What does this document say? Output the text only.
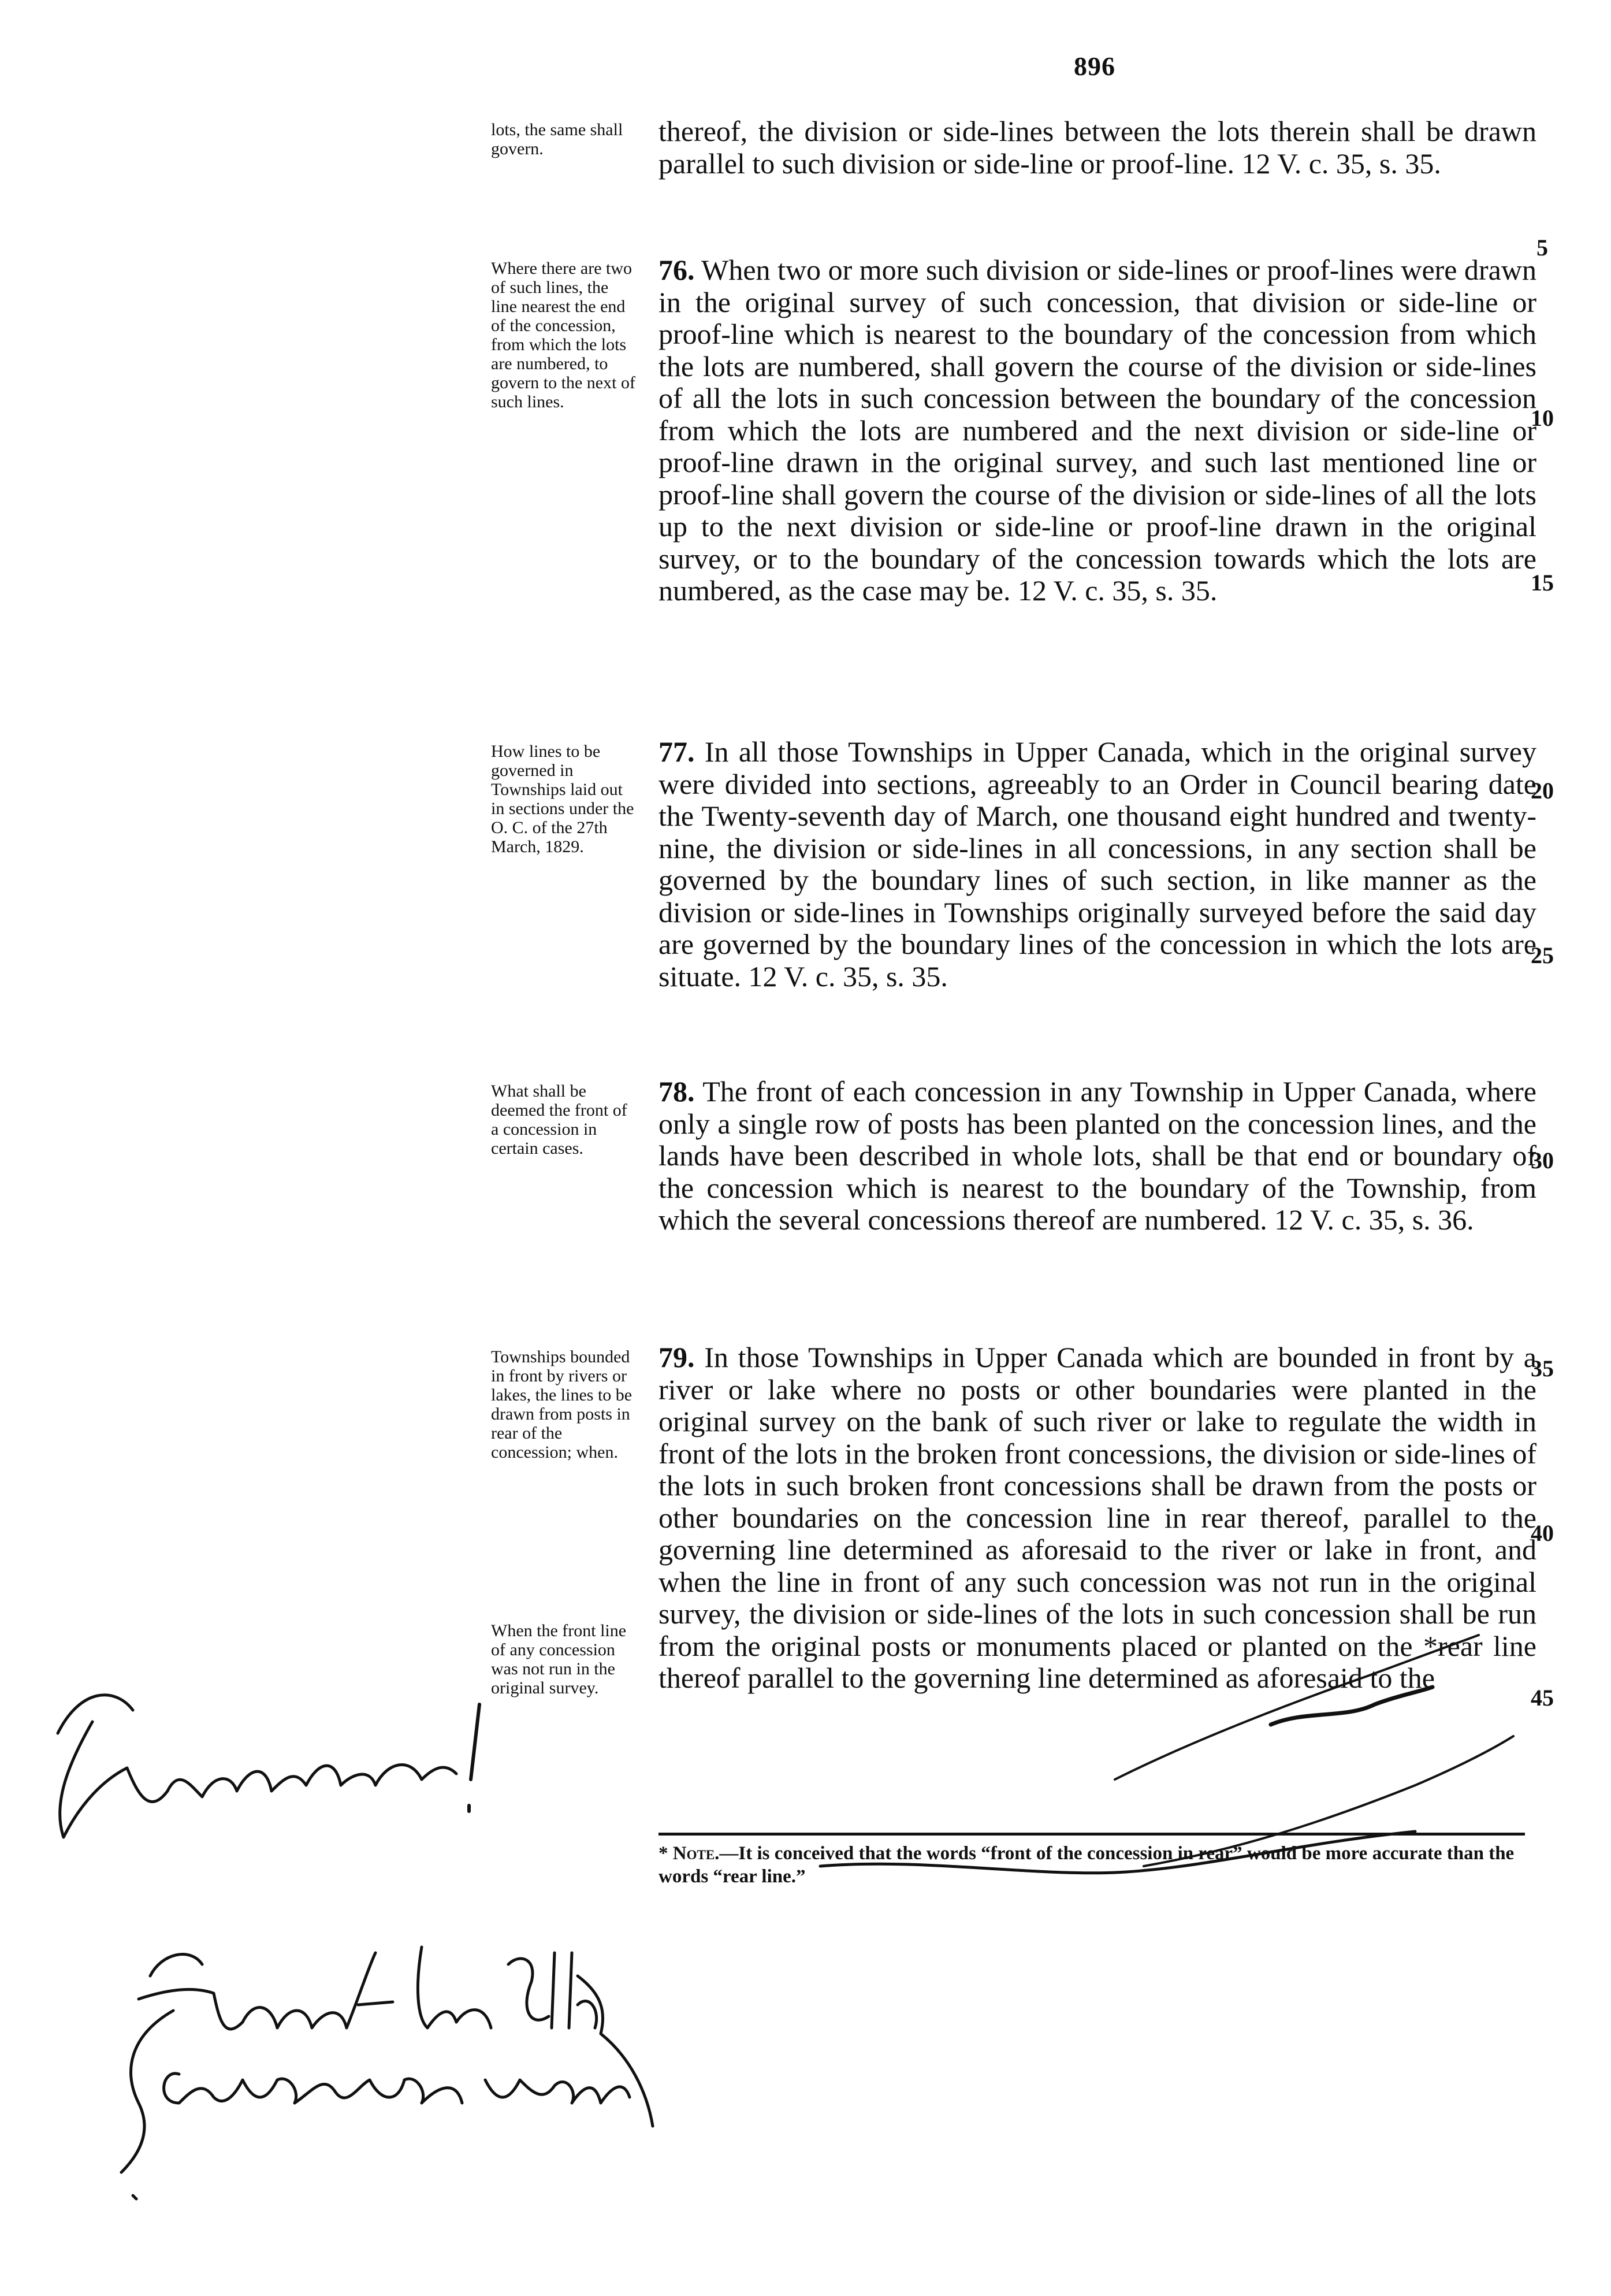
896
lots, the same shall govern.

thereof, the division or side-lines between the lots therein shall be drawn parallel to such division or side-line or proof-line. 12 V. c. 35, s. 35.

Where there are two of such lines, the line nearest the end of the concession, from which the lots are numbered, to govern to the next of such lines.

76. When two or more such division or side-lines or proof-lines were drawn in the original survey of such concession, that division or side-line or proof-line which is nearest to the boundary of the concession from which the lots are numbered, shall govern the course of the division or side-lines of all the lots in such concession between the boundary of the concession from which the lots are numbered and the next division or side-line or proof-line drawn in the original survey, and such last mentioned line or proof-line shall govern the course of the division or side-lines of all the lots up to the next division or side-line or proof-line drawn in the original survey, or to the boundary of the concession towards which the lots are numbered, as the case may be. 12 V. c. 35, s. 35.

How lines to be governed in Townships laid out in sections under the O. C. of the 27th March, 1829.

77. In all those Townships in Upper Canada, which in the original survey were divided into sections, agreeably to an Order in Council bearing date the Twenty-seventh day of March, one thousand eight hundred and twenty-nine, the division or side-lines in all concessions, in any section shall be governed by the boundary lines of such section, in like manner as the division or side-lines in Townships originally surveyed before the said day are governed by the boundary lines of the concession in which the lots are situate. 12 V. c. 35, s. 35.

What shall be deemed the front of a concession in certain cases.

78. The front of each concession in any Township in Upper Canada, where only a single row of posts has been planted on the concession lines, and the lands have been described in whole lots, shall be that end or boundary of the concession which is nearest to the boundary of the Township, from which the several concessions thereof are numbered. 12 V. c. 35, s. 36.

Townships bounded in front by rivers or lakes, the lines to be drawn from posts in rear of the concession; when.
When the front line of any concession was not run in the original survey.

79. In those Townships in Upper Canada which are bounded in front by a river or lake where no posts or other boundaries were planted in the original survey on the bank of such river or lake to regulate the width in front of the lots in the broken front concessions, the division or side-lines of the lots in such broken front concessions shall be drawn from the posts or other boundaries on the concession line in rear thereof, parallel to the governing line determined as aforesaid to the river or lake in front, and when the line in front of any such concession was not run in the original survey, the division or side-lines of the lots in such concession shall be run from the original posts or monuments placed or planted on the *rear line thereof parallel to the governing line determined as aforesaid to the

5
10
15
20
25
30
35
40
45
* Note.—It is conceived that the words “front of the concession in rear” would be more accurate than the words “rear line.”
